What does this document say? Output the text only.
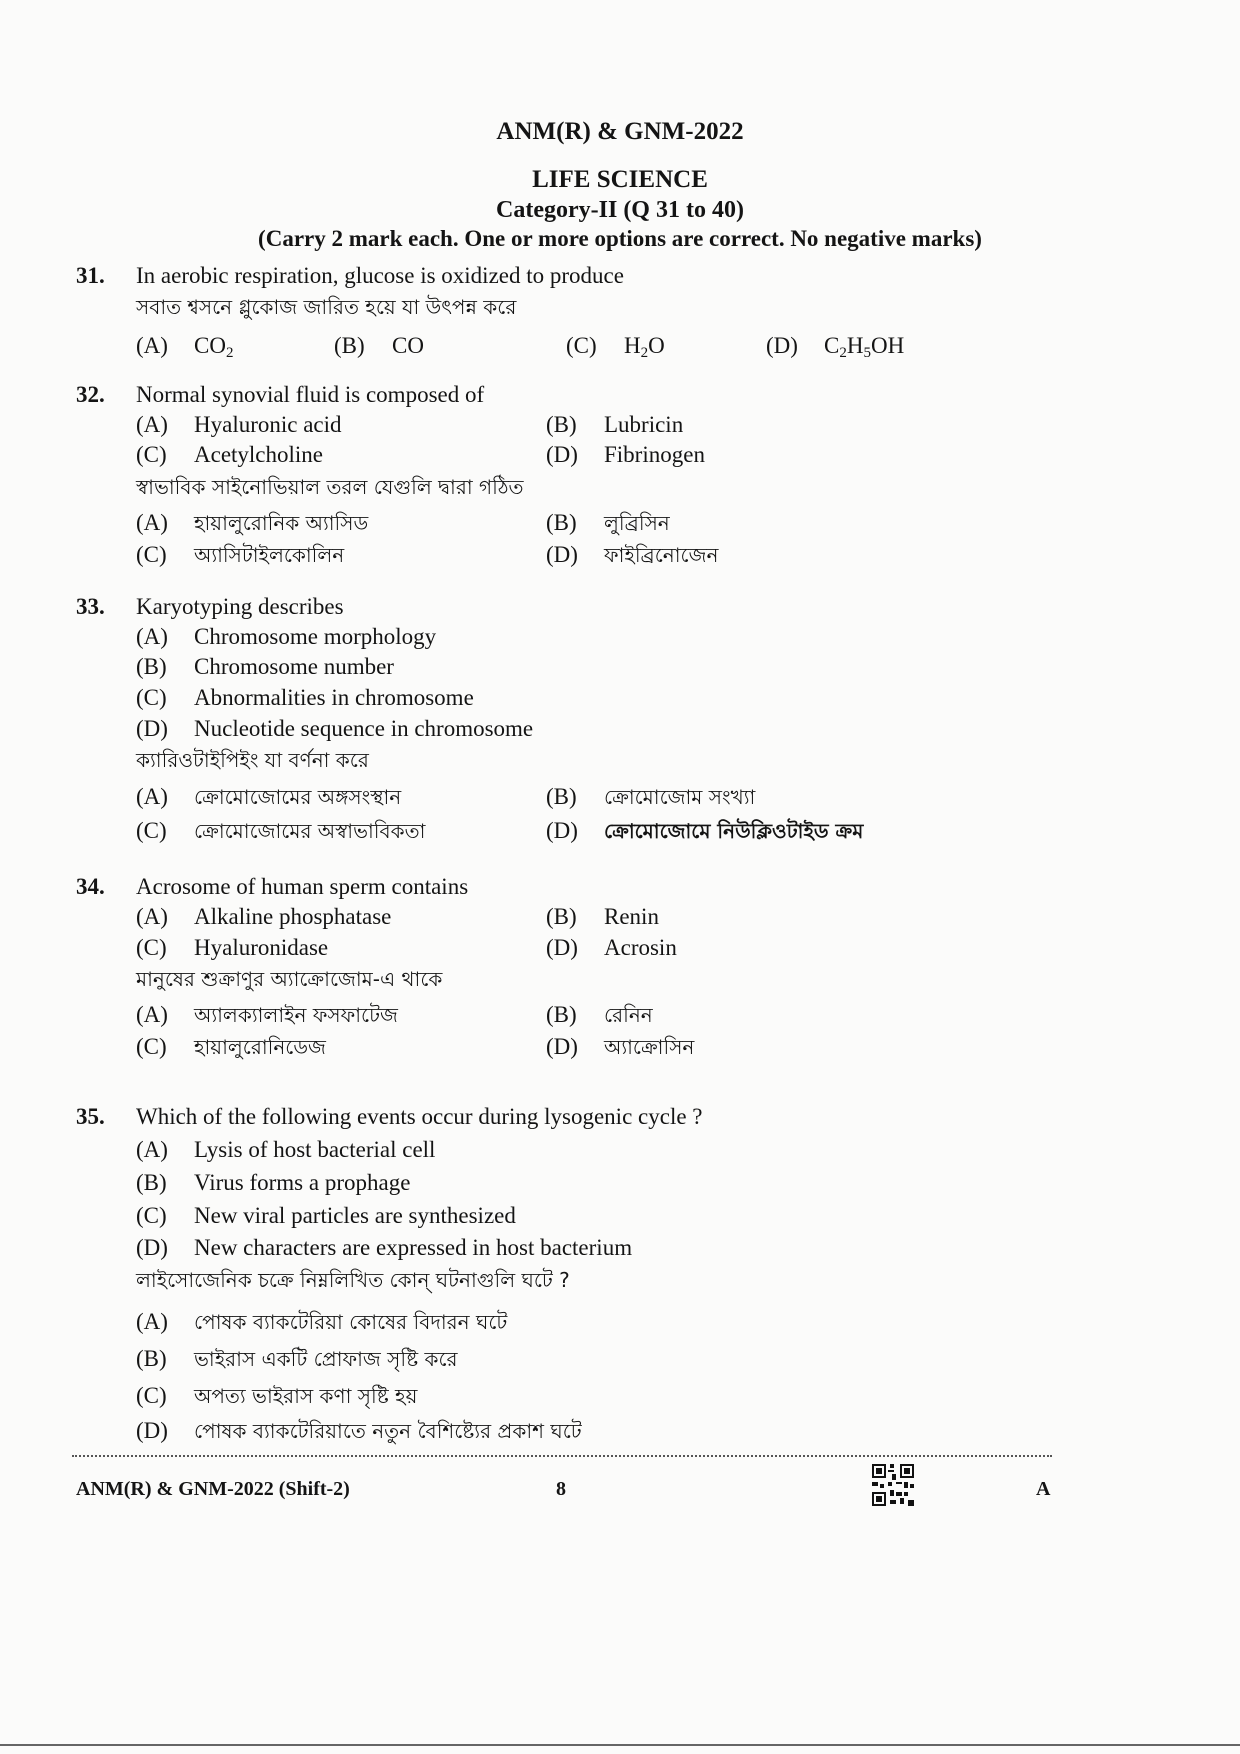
ANM(R) & GNM-2022
LIFE SCIENCE
Category-II (Q 31 to 40)
(Carry 2 mark each. One or more options are correct. No negative marks)
31. In aerobic respiration, glucose is oxidized to produce
সবাত শ্বসনে গ্লুকোজ জারিত হয়ে যা উৎপন্ন করে
(A) $CO_2$	(B) CO	(C) $H_2O$	(D) $C_2H_5OH$
32. Normal synovial fluid is composed of
(A) Hyaluronic acid	(B) Lubricin
(C) Acetylcholine	(D) Fibrinogen
স্বাভাবিক সাইনোভিয়াল তরল যেগুলি দ্বারা গঠিত
(A) হায়ালুরোনিক অ্যাসিড	(B) লুব্রিসিন
(C) অ্যাসিটাইলকোলিন	(D) ফাইব্রিনোজেন
33. Karyotyping describes
(A) Chromosome morphology
(B) Chromosome number
(C) Abnormalities in chromosome
(D) Nucleotide sequence in chromosome
ক্যারিওটাইপিইং যা বর্ণনা করে
(A) ক্রোমোজোমের অঙ্গসংস্থান	(B) ক্রোমোজোম সংখ্যা
(C) ক্রোমোজোমের অস্বাভাবিকতা	(D) ক্রোমোজোমে নিউক্লিওটাইড ক্রম
34. Acrosome of human sperm contains
(A) Alkaline phosphatase	(B) Renin
(C) Hyaluronidase	(D) Acrosin
মানুষের শুক্রাণুর অ্যাক্রোজোম-এ থাকে
(A) অ্যালক্যালাইন ফসফাটেজ	(B) রেনিন
(C) হায়ালুরোনিডেজ	(D) অ্যাক্রোসিন
35. Which of the following events occur during lysogenic cycle ?
(A) Lysis of host bacterial cell
(B) Virus forms a prophage
(C) New viral particles are synthesized
(D) New characters are expressed in host bacterium
লাইসোজেনিক চক্রে নিম্নলিখিত কোন্ ঘটনাগুলি ঘটে ?
(A) পোষক ব্যাকটেরিয়া কোষের বিদারন ঘটে
(B) ভাইরাস একটি প্রোফাজ সৃষ্টি করে
(C) অপত্য ভাইরাস কণা সৃষ্টি হয়
(D) পোষক ব্যাকটেরিয়াতে নতুন বৈশিষ্ট্যের প্রকাশ ঘটে
ANM(R) & GNM-2022 (Shift-2)	8	A
